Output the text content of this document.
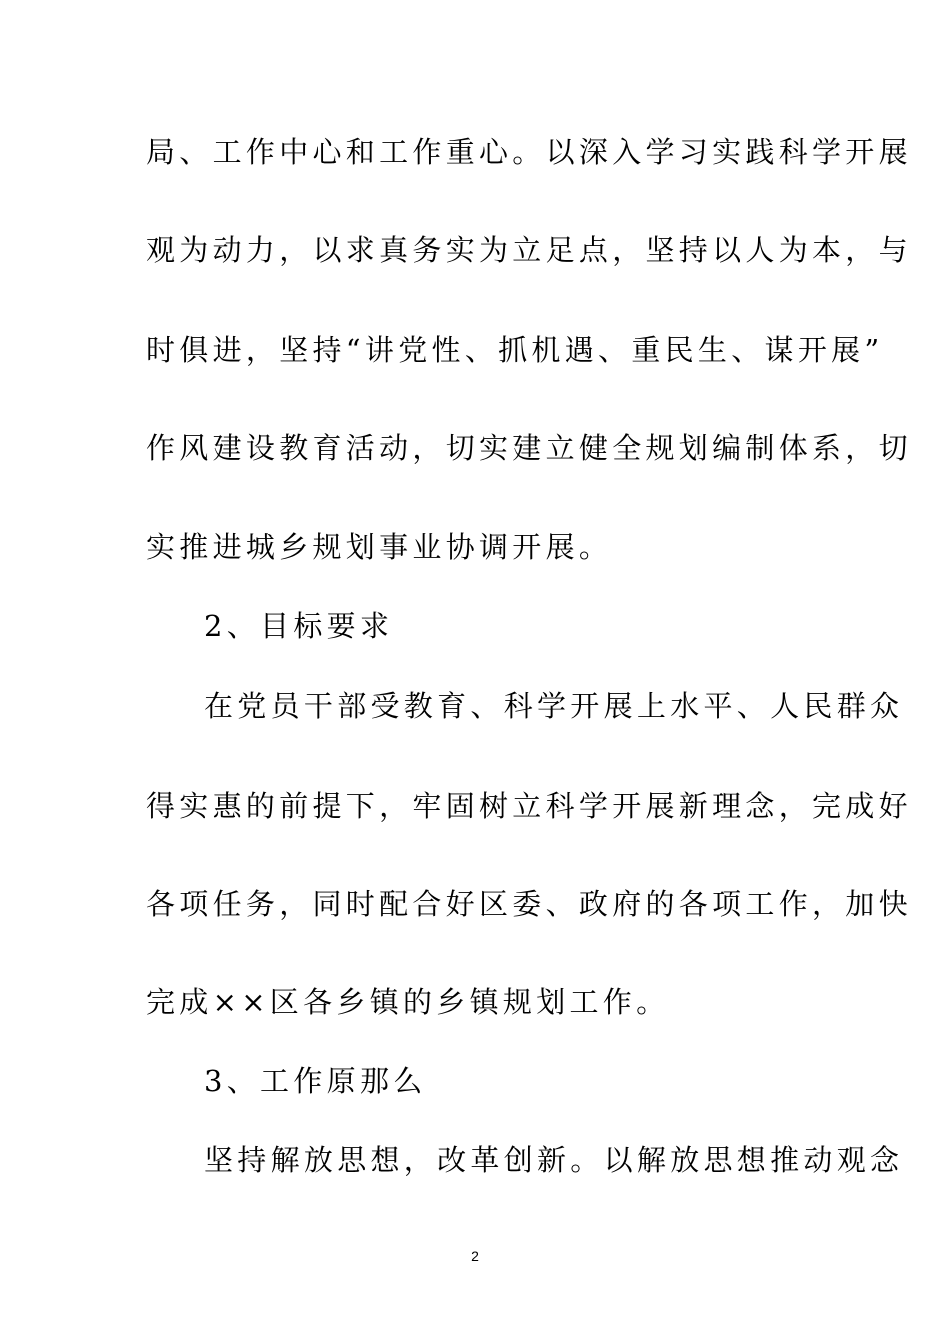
局、工作中心和工作重心。以深入学习实践科学开展
观为动力，以求真务实为立足点，坚持以人为本，与
时俱进，坚持“讲党性、抓机遇、重民生、谋开展”
作风建设教育活动，切实建立健全规划编制体系，切
实推进城乡规划事业协调开展。
2、目标要求
在党员干部受教育、科学开展上水平、人民群众
得实惠的前提下，牢固树立科学开展新理念，完成好
各项任务，同时配合好区委、政府的各项工作，加快
完成××区各乡镇的乡镇规划工作。
3、工作原那么
坚持解放思想，改革创新。以解放思想推动观念
2
